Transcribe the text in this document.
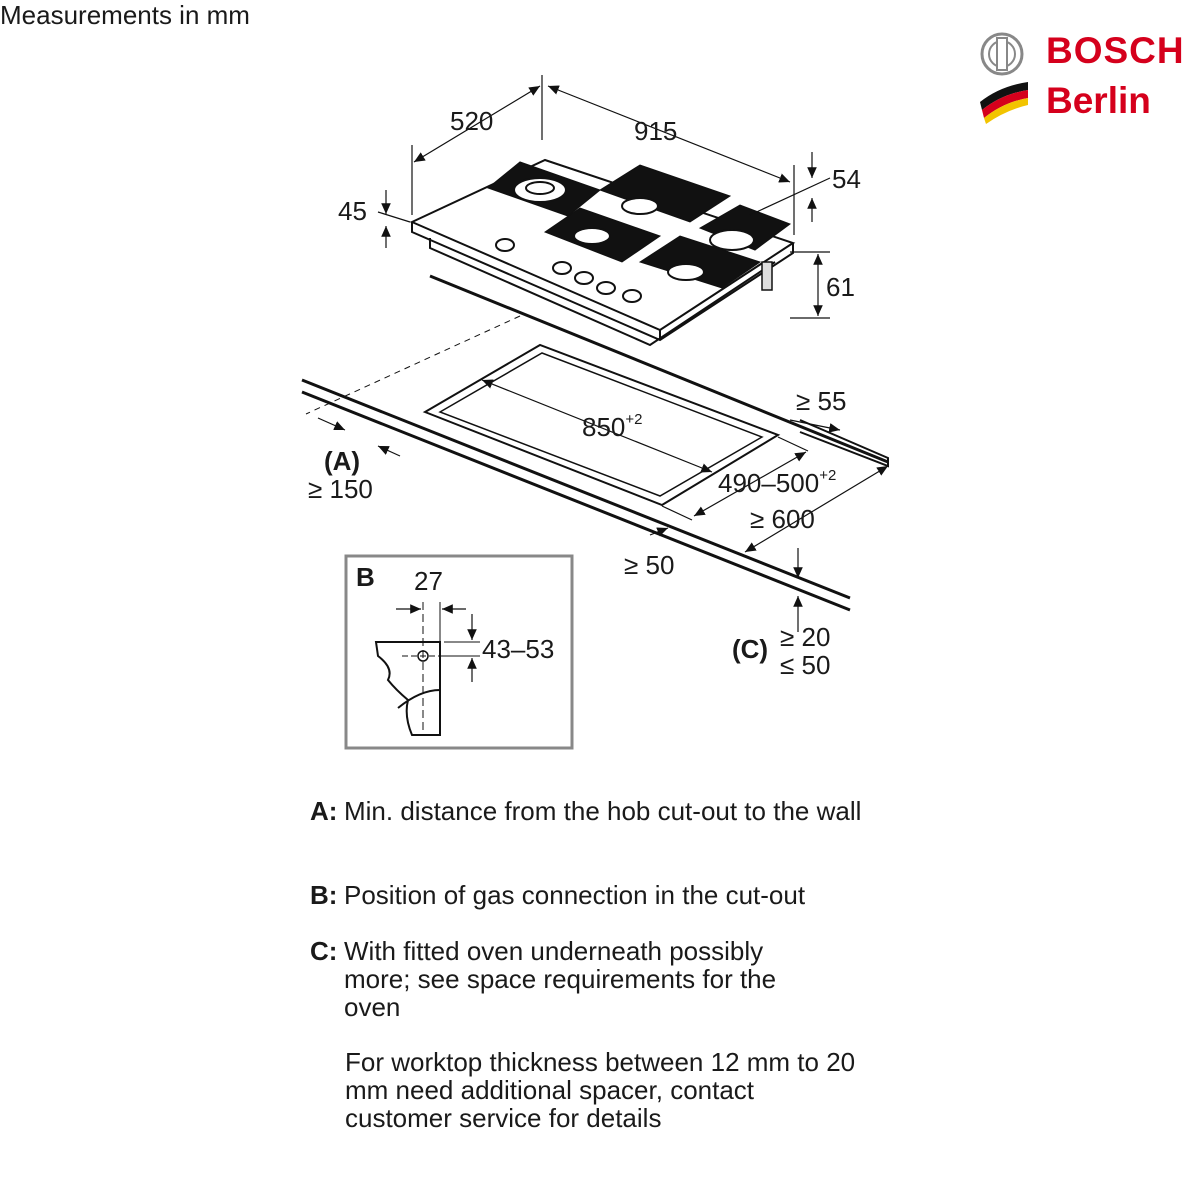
Measurements in mm
BOSCH
Berlin
520	915
54
45
61
$850^{+2}$
$490-500^{+2}$
≥ 55
(A)
≥ 150
≥ 50
≥ 600
(C) ≥ 20
≤ 50
B 27
43–53
A: Min. distance from the hob cut-out to the wall
B: Position of gas connection in the cut-out
C: With fitted oven underneath possibly more; see space requirements for the oven
For worktop thickness between 12 mm to 20 mm need additional spacer, contact customer service for details
